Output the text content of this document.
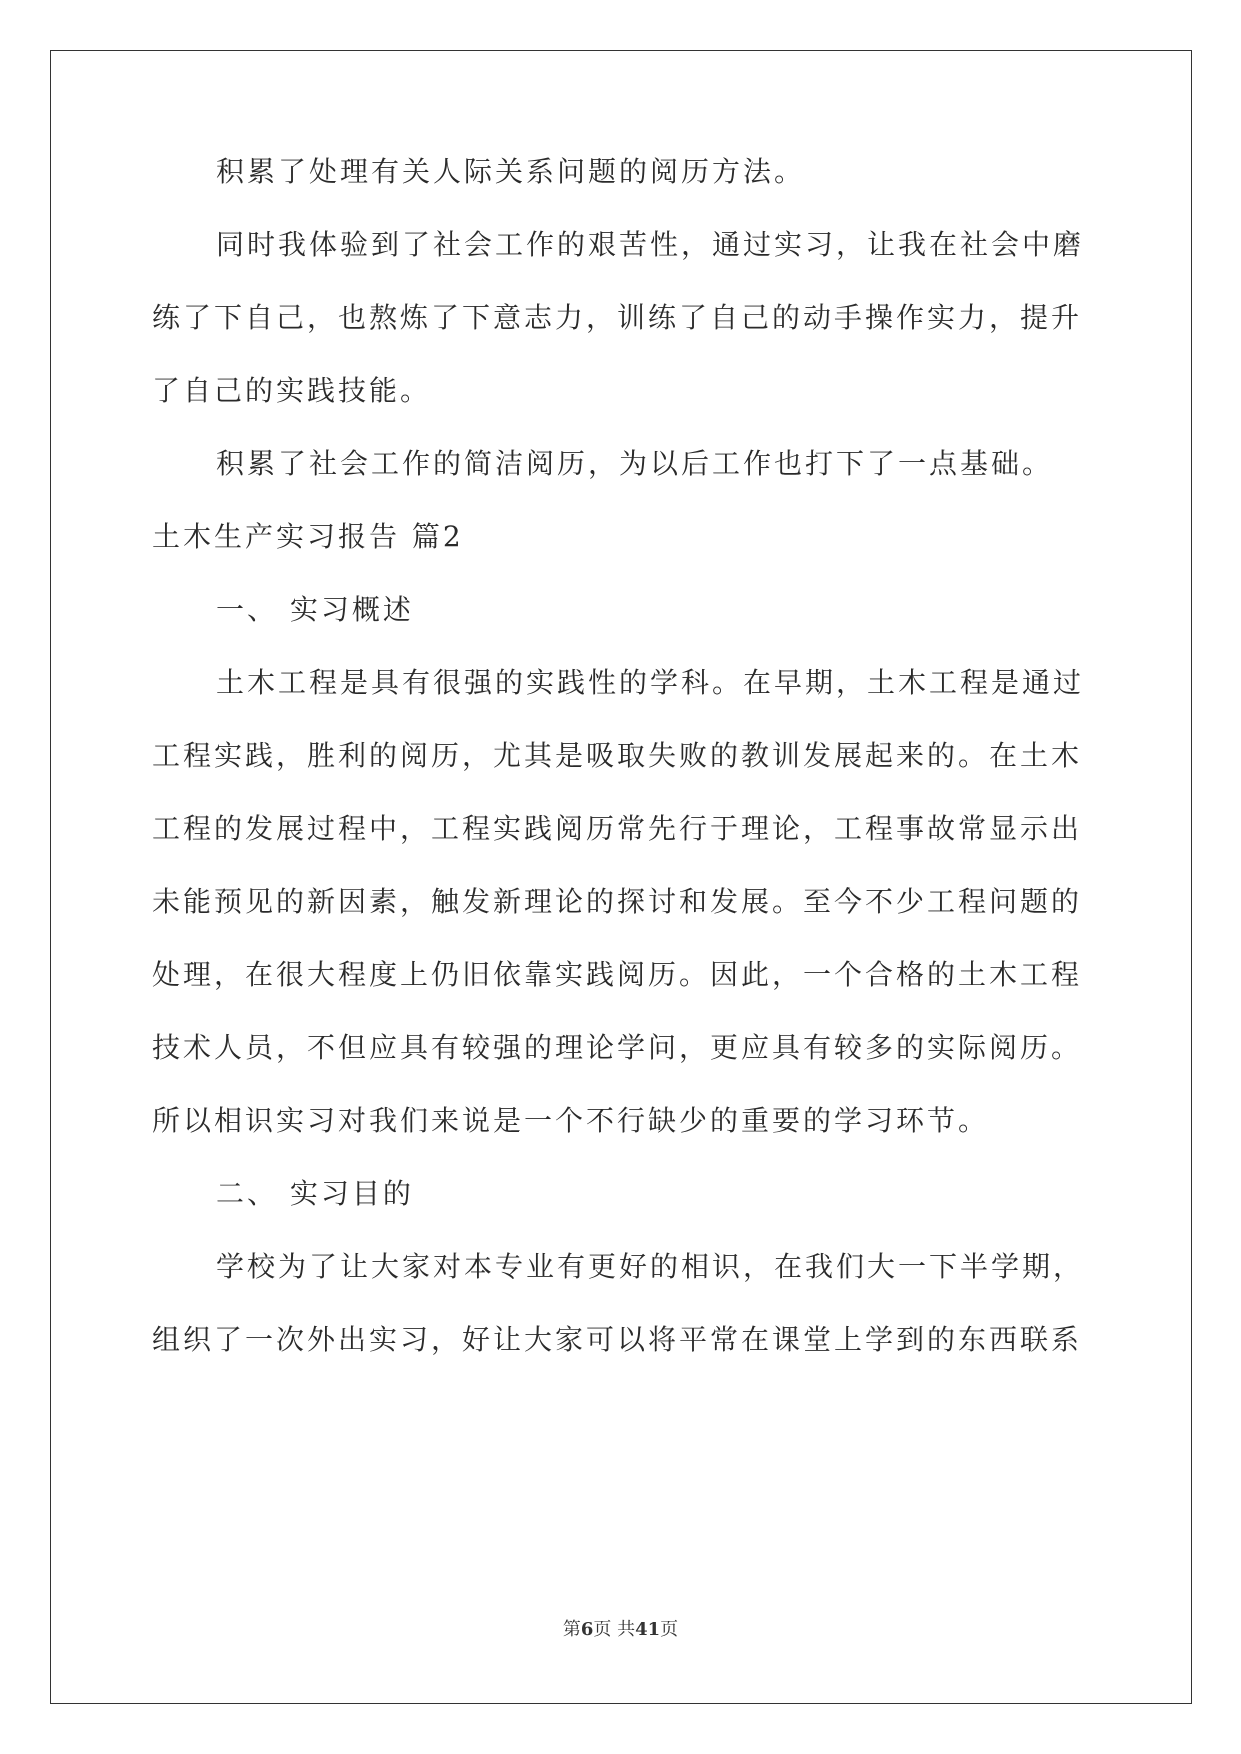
积累了处理有关人际关系问题的阅历方法。
同时我体验到了社会工作的艰苦性，通过实习，让我在社会中磨
练了下自己，也熬炼了下意志力，训练了自己的动手操作实力，提升
了自己的实践技能。
积累了社会工作的简洁阅历，为以后工作也打下了一点基础。
土木生产实习报告 篇2
一、 实习概述
土木工程是具有很强的实践性的学科。在早期，土木工程是通过
工程实践，胜利的阅历，尤其是吸取失败的教训发展起来的。在土木
工程的发展过程中，工程实践阅历常先行于理论，工程事故常显示出
未能预见的新因素，触发新理论的探讨和发展。至今不少工程问题的
处理，在很大程度上仍旧依靠实践阅历。因此，一个合格的土木工程
技术人员，不但应具有较强的理论学问，更应具有较多的实际阅历。
所以相识实习对我们来说是一个不行缺少的重要的学习环节。
二、 实习目的
学校为了让大家对本专业有更好的相识，在我们大一下半学期，
组织了一次外出实习，好让大家可以将平常在课堂上学到的东西联系
第6页 共41页
